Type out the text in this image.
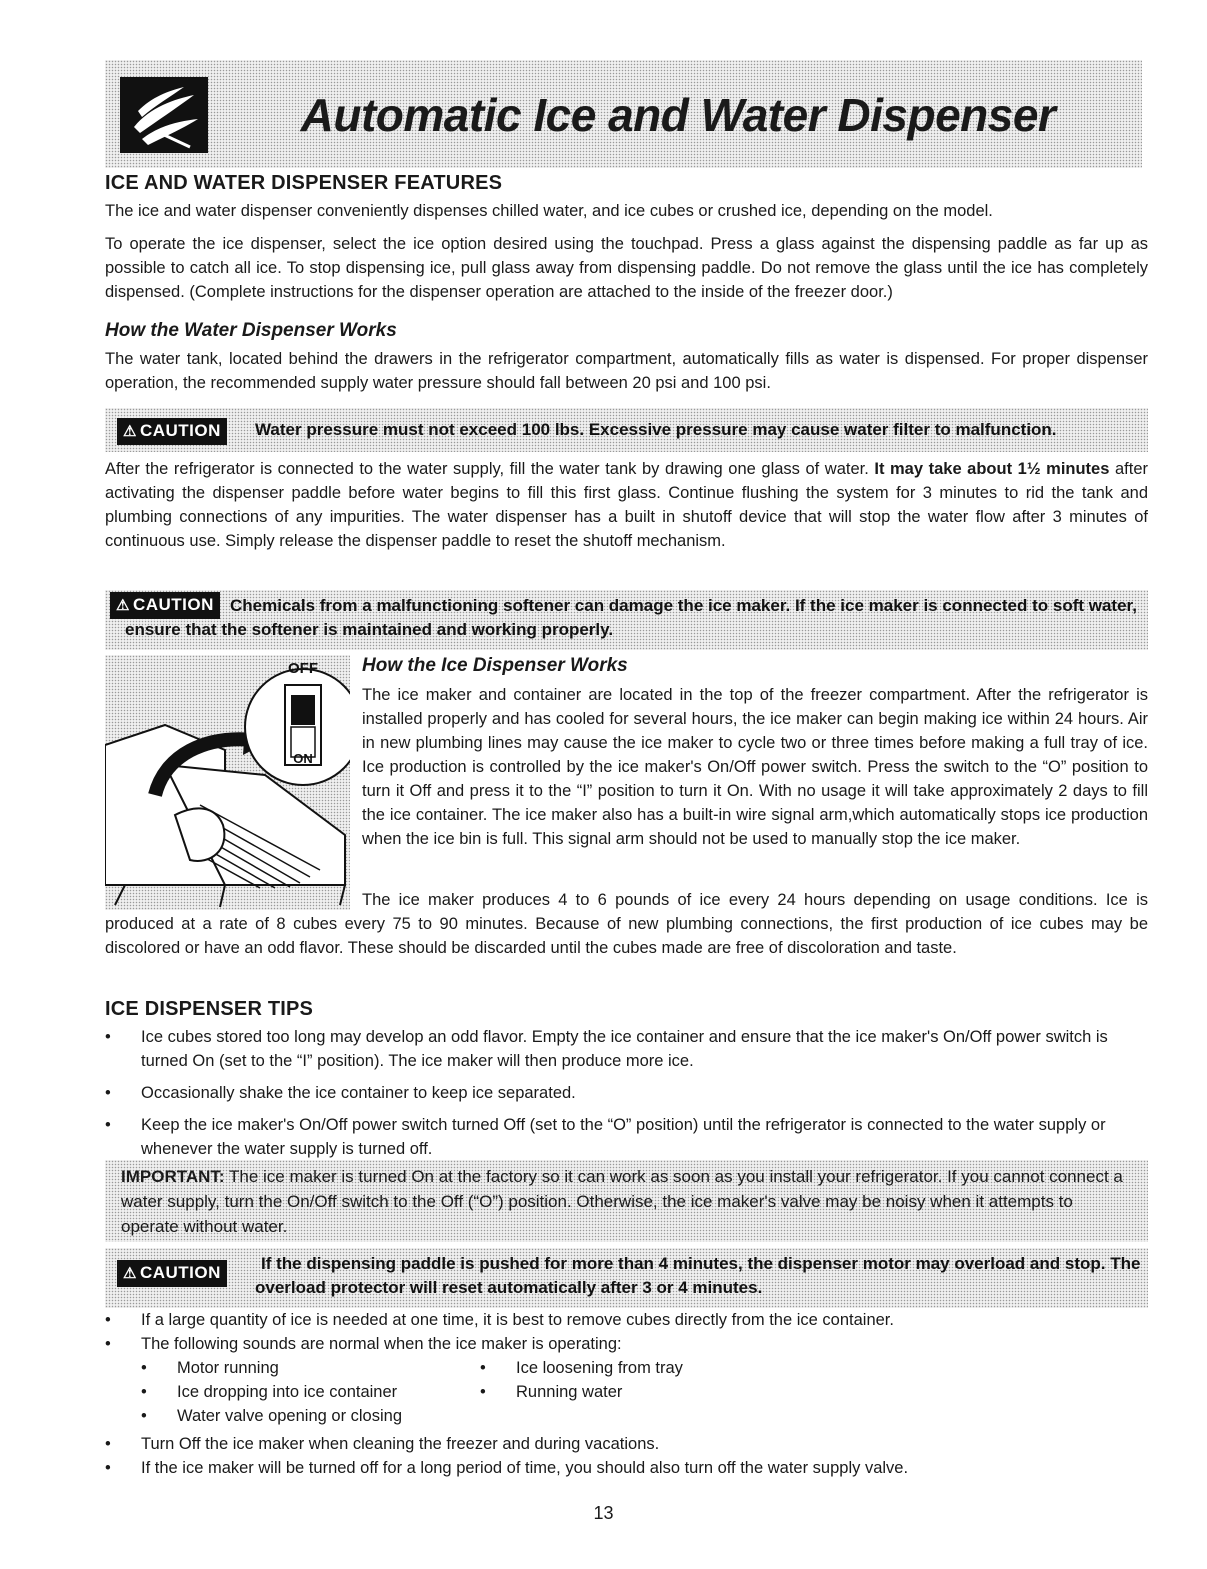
Automatic Ice and Water Dispenser
ICE AND WATER DISPENSER FEATURES

The ice and water dispenser conveniently dispenses chilled water, and ice cubes or crushed ice, depending on the model.

To operate the ice dispenser, select the ice option desired using the touchpad. Press a glass against the dispensing paddle as far up as possible to catch all ice. To stop dispensing ice, pull glass away from dispensing paddle. Do not remove the glass until the ice has completely dispensed. (Complete instructions for the dispenser operation are attached to the inside of the freezer door.)

How the Water Dispenser Works

The water tank, located behind the drawers in the refrigerator compartment, automatically fills as water is dispensed. For proper dispenser operation, the recommended supply water pressure should fall between 20 psi and 100 psi.

⚠ CAUTION	Water pressure must not exceed 100 lbs. Excessive pressure may cause water filter to malfunction.

After the refrigerator is connected to the water supply, fill the water tank by drawing one glass of water. It may take about 1½ minutes after activating the dispenser paddle before water begins to fill this first glass. Continue flushing the system for 3 minutes to rid the tank and plumbing connections of any impurities. The water dispenser has a built in shutoff device that will stop the water flow after 3 minutes of continuous use. Simply release the dispenser paddle to reset the shutoff mechanism.

⚠ CAUTION Chemicals from a malfunctioning softener can damage the ice maker. If the ice maker is connected to soft water, ensure that the softener is maintained and working properly.
OFF
ON
How the Ice Dispenser Works

The ice maker and container are located in the top of the freezer compartment. After the refrigerator is installed properly and has cooled for several hours, the ice maker can begin making ice within 24 hours. Air in new plumbing lines may cause the ice maker to cycle two or three times before making a full tray of ice. Ice production is controlled by the ice maker's On/Off power switch. Press the switch to the “O” position to turn it Off and press it to the “I” position to turn it On. With no usage it will take approximately 2 days to fill the ice container. The ice maker also has a built-in wire signal arm,which automatically stops ice production when the ice bin is full. This signal arm should not be used to manually stop the ice maker.

The ice maker produces 4 to 6 pounds of ice every 24 hours depending on usage conditions. Ice is produced at a rate of 8 cubes every 75 to 90 minutes. Because of new plumbing connections, the first production of ice cubes may be discolored or have an odd flavor. These should be discarded until the cubes made are free of discoloration and taste.

ICE DISPENSER TIPS
• Ice cubes stored too long may develop an odd flavor. Empty the ice container and ensure that the ice maker's On/Off power switch is turned On (set to the “I” position). The ice maker will then produce more ice.
• Occasionally shake the ice container to keep ice separated.
• Keep the ice maker's On/Off power switch turned Off (set to the “O” position) until the refrigerator is connected to the water supply or whenever the water supply is turned off.
IMPORTANT: The ice maker is turned On at the factory so it can work as soon as you install your refrigerator. If you cannot connect a water supply, turn the On/Off switch to the Off (“O”) position. Otherwise, the ice maker's valve may be noisy when it attempts to operate without water.
⚠ CAUTION	If the dispensing paddle is pushed for more than 4 minutes, the dispenser motor may overload and stop. The overload protector will reset automatically after 3 or 4 minutes.
• If a large quantity of ice is needed at one time, it is best to remove cubes directly from the ice container.
• The following sounds are normal when the ice maker is operating:
• Motor running
• Ice dropping into ice container
• Water valve opening or closing
• Ice loosening from tray
• Running water
• Turn Off the ice maker when cleaning the freezer and during vacations.
• If the ice maker will be turned off for a long period of time, you should also turn off the water supply valve.
13
